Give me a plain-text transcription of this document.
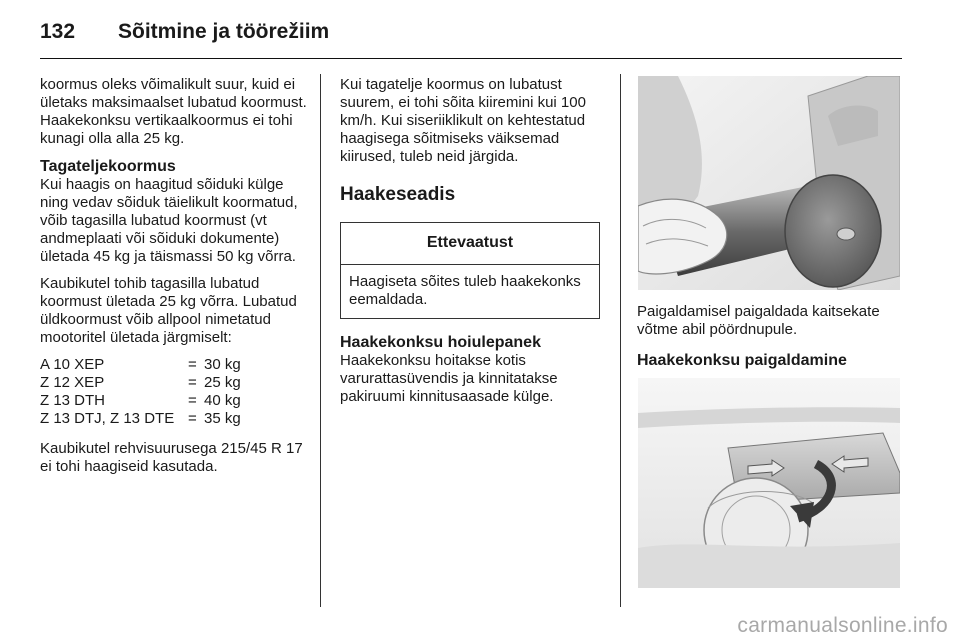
132 Sõitmine ja töörežiim

koormus oleks võimalikult suur, kuid ei ületaks maksimaalset lubatud koormust. Haakekonksu vertikaalkoormus ei tohi kunagi olla alla 25 kg.

Tagateljekoormus

Kui haagis on haagitud sõiduki külge ning vedav sõiduk täielikult koormatud, võib tagasilla lubatud koormust (vt andmeplaati või sõiduki dokumente) ületada 45 kg ja täismassi 50 kg võrra.

Kaubikutel tohib tagasilla lubatud koormust ületada 25 kg võrra. Lubatud üldkoormust võib allpool nimetatud mootoritel ületada järgmiselt:

A 10 XEP	= 30 kg
Z 12 XEP	= 25 kg
Z 13 DTH	= 40 kg
Z 13 DTJ, Z 13 DTE = 35 kg

Kaubikutel rehvisuurusega 215/45 R 17 ei tohi haagiseid kasutada.

Kui tagatelje koormus on lubatust suurem, ei tohi sõita kiiremini kui 100 km/h. Kui siseriiklikult on kehtestatud haagisega sõitmiseks väiksemad kiirused, tuleb neid järgida.

Haakeseadis
Ettevaatust
Haagiseta sõites tuleb haakekonks eemaldada.
Haakekonksu hoiulepanek

Haakekonksu hoitakse kotis varurattasüvendis ja kinnitatakse pakiruumi kinnitusaasade külge.

Paigaldamisel paigaldada kaitsekate võtme abil pöördnupule.

Haakekonksu paigaldamine
carmanualsonline.info
